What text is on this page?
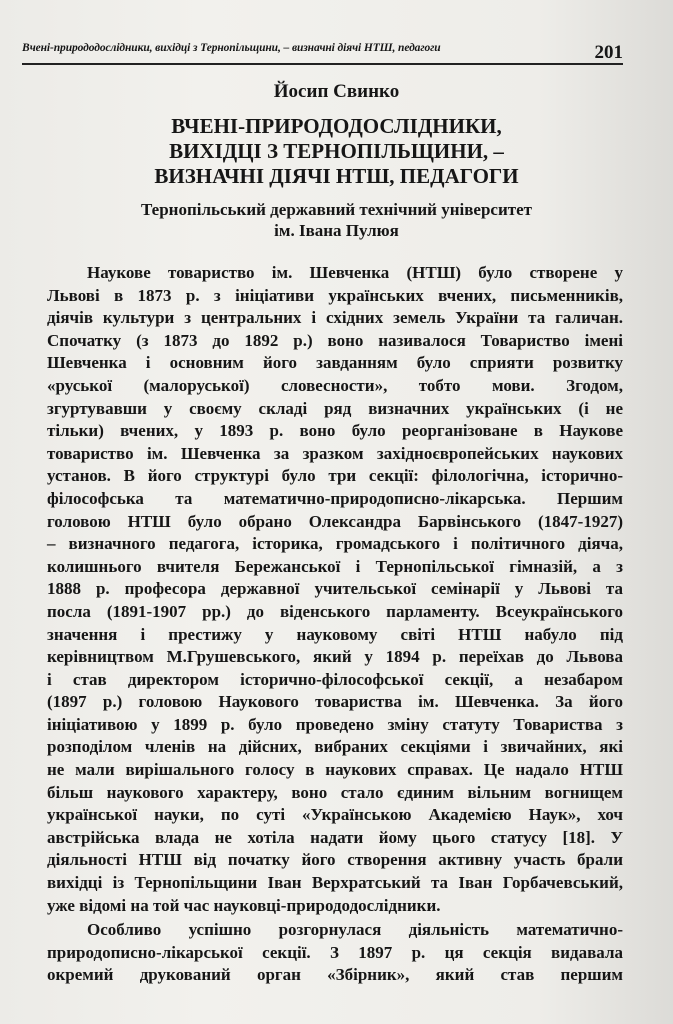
Вчені-природодослідники, вихідці з Тернопільщини, – визначні діячі НТШ, педагоги	201
Йосип Свинко
ВЧЕНІ-ПРИРОДОДОСЛІДНИКИ,
ВИХІДЦІ З ТЕРНОПІЛЬЩИНИ, –
ВИЗНАЧНІ ДІЯЧІ НТШ, ПЕДАГОГИ
Тернопільський державний технічний університет
ім. Івана Пулюя
Наукове товариство ім. Шевченка (НТШ) було створене у
Львові в 1873 р. з ініціативи українських вчених, письменників,
діячів культури з центральних і східних земель України та галичан.
Спочатку (з 1873 до 1892 р.) воно називалося Товариство імені
Шевченка і основним його завданням було сприяти розвитку
«руської (малоруської) словесности», тобто мови. Згодом,
згуртувавши у своєму складі ряд визначних українських (і не
тільки) вчених, у 1893 р. воно було реорганізоване в Наукове
товариство ім. Шевченка за зразком західноєвропейських наукових
установ. В його структурі було три секції: філологічна, історично-
філософська та математично-природописно-лікарська. Першим
головою НТШ було обрано Олександра Барвінського (1847-1927)
– визначного педагога, історика, громадського і політичного діяча,
колишнього вчителя Бережанської і Тернопільської гімназій, а з
1888 р. професора державної учительської семінарії у Львові та
посла (1891-1907 рр.) до віденського парламенту. Всеукраїнського
значення і престижу у науковому світі НТШ набуло під
керівництвом М.Грушевського, який у 1894 р. переїхав до Львова
і став директором історично-філософської секції, а незабаром
(1897 р.) головою Наукового товариства ім. Шевченка. За його
ініціативою у 1899 р. було проведено зміну статуту Товариства з
розподілом членів на дійсних, вибраних секціями і звичайних, які
не мали вирішального голосу в наукових справах. Це надало НТШ
більш наукового характеру, воно стало єдиним вільним вогнищем
української науки, по суті «Українською Академією Наук», хоч
австрійська влада не хотіла надати йому цього статусу [18]. У
діяльності НТШ від початку його створення активну участь брали
вихідці із Тернопільщини Іван Верхратський та Іван Горбачевський,
уже відомі на той час науковці-природодослідники.
Особливо успішно розгорнулася діяльність математично-
природописно-лікарської секції. З 1897 р. ця секція видавала
окремий друкований орган «Збірник», який став першим
